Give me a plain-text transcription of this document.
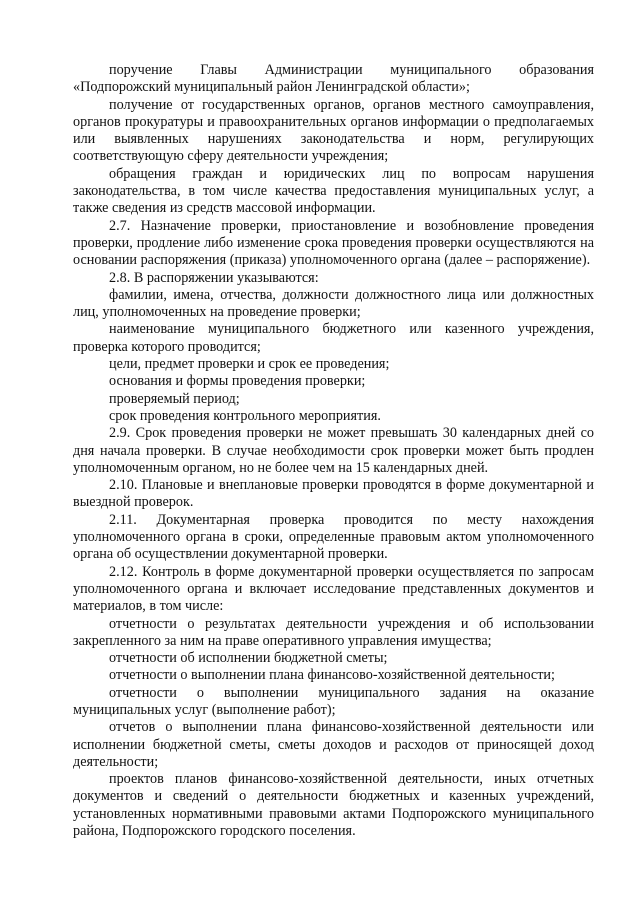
поручение Главы Администрации муниципального образования «Подпорожский муниципальный район Ленинградской области»;

получение от государственных органов, органов местного самоуправления, органов прокуратуры и правоохранительных органов информации о предполагаемых или выявленных нарушениях законодательства и норм, регулирующих соответствующую сферу деятельности учреждения;

обращения граждан и юридических лиц по вопросам нарушения законодательства, в том числе качества предоставления муниципальных услуг, а также сведения из средств массовой информации.

2.7. Назначение проверки, приостановление и возобновление проведения проверки, продление либо изменение срока проведения проверки осуществляются на основании распоряжения (приказа) уполномоченного органа (далее – распоряжение).

2.8. В распоряжении указываются:

фамилии, имена, отчества, должности должностного лица или должностных лиц, уполномоченных на проведение проверки;

наименование муниципального бюджетного или казенного учреждения, проверка которого проводится;

цели, предмет проверки и срок ее проведения;

основания и формы проведения проверки;

проверяемый период;

срок проведения контрольного мероприятия.

2.9. Срок проведения проверки не может превышать 30 календарных дней со дня начала проверки. В случае необходимости срок проверки может быть продлен уполномоченным органом, но не более чем на 15 календарных дней.

2.10. Плановые и внеплановые проверки проводятся в форме документарной и выездной проверок.

2.11. Документарная проверка проводится по месту нахождения уполномоченного органа в сроки, определенные правовым актом уполномоченного органа об осуществлении документарной проверки.

2.12. Контроль в форме документарной проверки осуществляется по запросам уполномоченного органа и включает исследование представленных документов и материалов, в том числе:

отчетности о результатах деятельности учреждения и об использовании закрепленного за ним на праве оперативного управления имущества;

отчетности об исполнении бюджетной сметы;

отчетности о выполнении плана финансово-хозяйственной деятельности;

отчетности о выполнении муниципального задания на оказание муниципальных услуг (выполнение работ);

отчетов о выполнении плана финансово-хозяйственной деятельности или исполнении бюджетной сметы, сметы доходов и расходов от приносящей доход деятельности;

проектов планов финансово-хозяйственной деятельности, иных отчетных документов и сведений о деятельности бюджетных и казенных учреждений, установленных нормативными правовыми актами Подпорожского муниципального района, Подпорожского городского поселения.
